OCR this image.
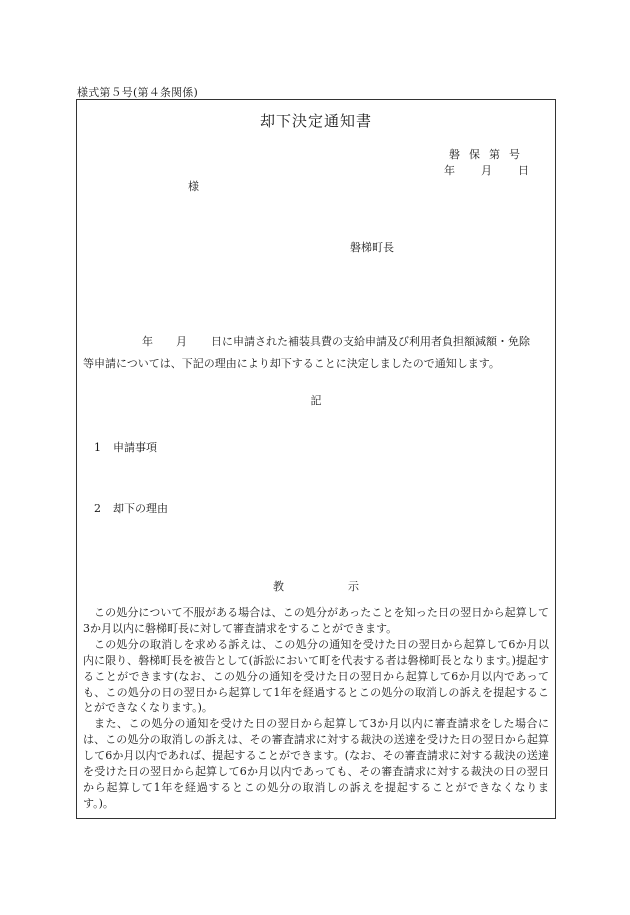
様式第５号(第４条関係)
却下決定通知書
磐保第号
年 月 日
様
磐梯町長
年 月 日に申請された補装具費の支給申請及び利用者負担額減額・免除
等申請については、下記の理由により却下することに決定しましたので通知します。
記
1 申請事項
2 却下の理由
教	示

この処分について不服がある場合は、この処分があったことを知った日の翌日から起算して3か月以内に磐梯町長に対して審査請求をすることができます。

この処分の取消しを求める訴えは、この処分の通知を受けた日の翌日から起算して6か月以内に限り、磐梯町長を被告として(訴訟において町を代表する者は磐梯町長となります。)提起することができます(なお、この処分の通知を受けた日の翌日から起算して6か月以内であっても、この処分の日の翌日から起算して1年を経過するとこの処分の取消しの訴えを提起することができなくなります。)。

また、この処分の通知を受けた日の翌日から起算して3か月以内に審査請求をした場合には、この処分の取消しの訴えは、その審査請求に対する裁決の送達を受けた日の翌日から起算して6か月以内であれば、提起することができます。(なお、その審査請求に対する裁決の送達を受けた日の翌日から起算して6か月以内であっても、その審査請求に対する裁決の日の翌日から起算して1年を経過するとこの処分の取消しの訴えを提起することができなくなります。)。
